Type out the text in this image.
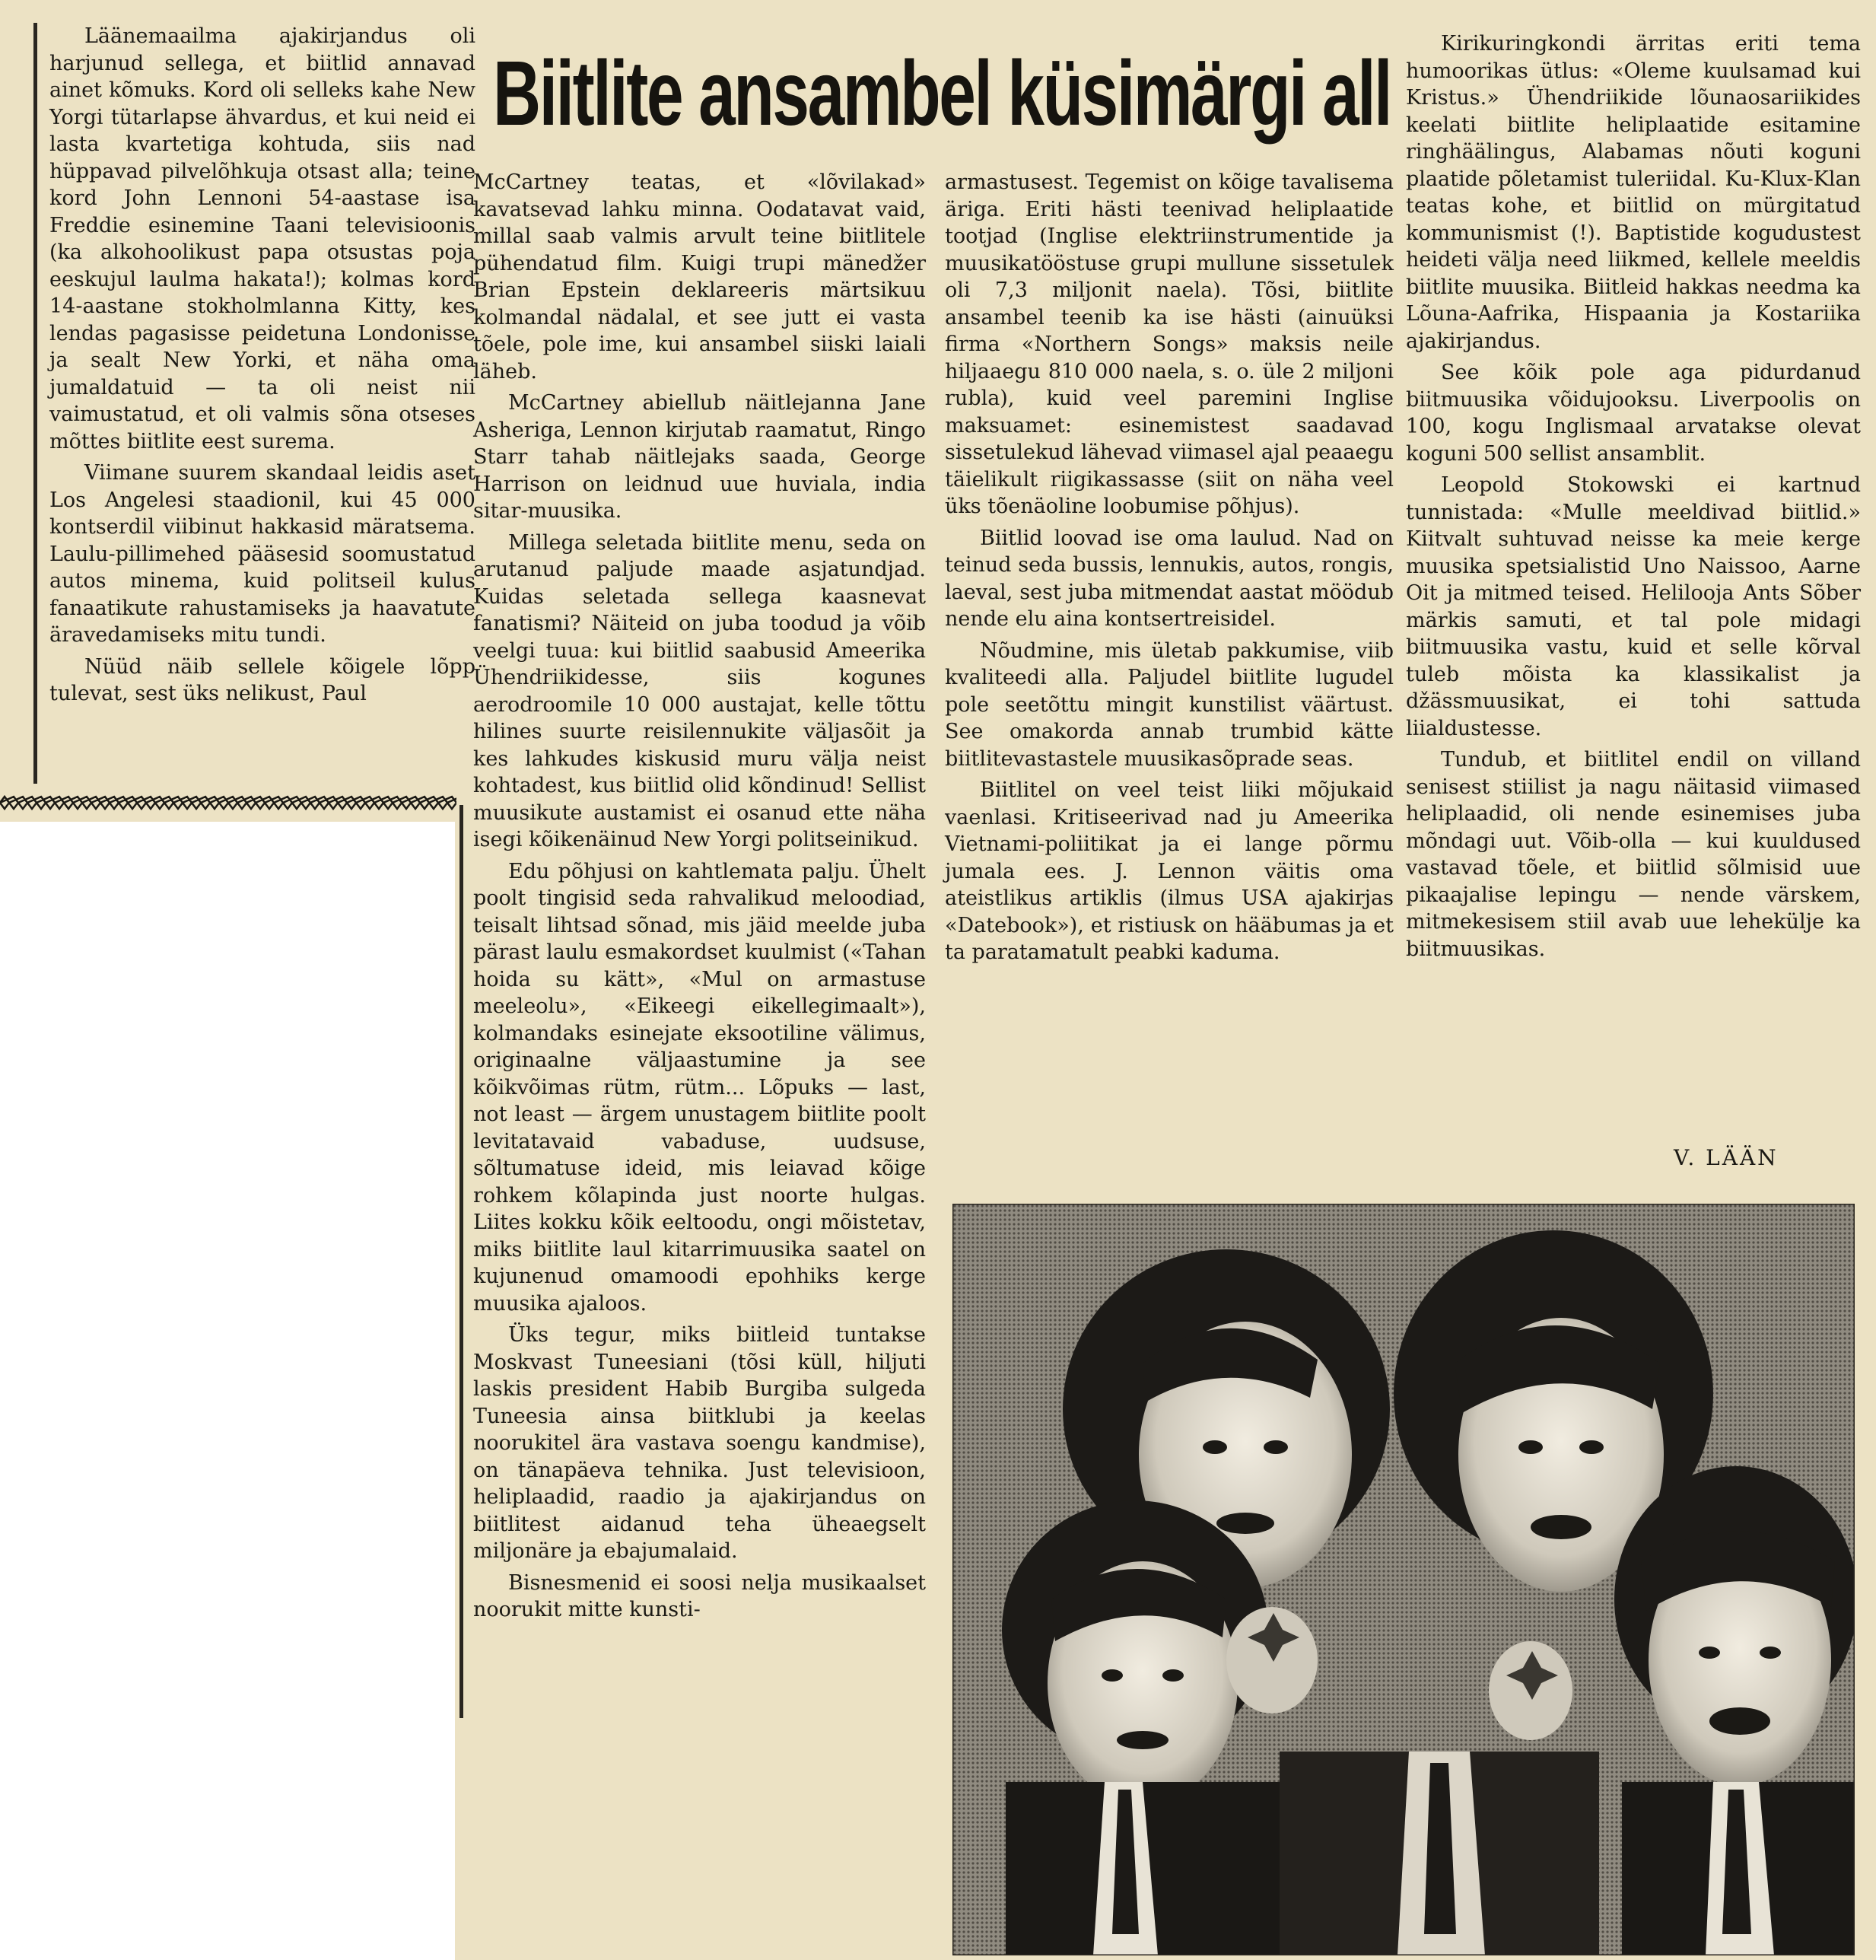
Biitlite ansambel küsimärgi all

Läänemaailma ajakirjandus oli harjunud sellega, et biitlid annavad ainet kõmuks. Kord oli selleks kahe New Yorgi tütarlapse ähvardus, et kui neid ei lasta kvartetiga kohtuda, siis nad hüppavad pilvelõhkuja otsast alla; teine kord John Lennoni 54-aastase isa Freddie esinemine Taani televisioonis (ka alkohoolikust papa otsustas poja eeskujul laulma hakata!); kolmas kord 14-aastane stokholmlanna Kitty, kes lendas pagasisse peidetuna Londonisse ja sealt New Yorki, et näha oma jumaldatuid — ta oli neist nii vaimustatud, et oli valmis sõna otseses mõttes biitlite eest surema.

Viimane suurem skandaal leidis aset Los Angelesi staadionil, kui 45 000 kontserdil viibinut hakkasid märatsema. Laulu-pillimehed pääsesid soomustatud autos minema, kuid politseil kulus fanaatikute rahustamiseks ja haavatute äravedamiseks mitu tundi.

Nüüd näib sellele kõigele lõpp tulevat, sest üks nelikust, Paul

McCartney teatas, et «lõvilakad» kavatsevad lahku minna. Oodatavat vaid, millal saab valmis arvult teine biitlitele pühendatud film. Kuigi trupi mänedžer Brian Epstein deklareeris märtsikuu kolmandal nädalal, et see jutt ei vasta tõele, pole ime, kui ansambel siiski laiali läheb.

McCartney abiellub näitlejanna Jane Asheriga, Lennon kirjutab raamatut, Ringo Starr tahab näitlejaks saada, George Harrison on leidnud uue huviala, india sitar-muusika.

Millega seletada biitlite menu, seda on arutanud paljude maade asjatundjad. Kuidas seletada sellega kaasnevat fanatismi? Näiteid on juba toodud ja võib veelgi tuua: kui biitlid saabusid Ameerika Ühendriikidesse, siis kogunes aerodroomile 10 000 austajat, kelle tõttu hilines suurte reisilennukite väljasõit ja kes lahkudes kiskusid muru välja neist kohtadest, kus biitlid olid kõndinud! Sellist muusikute austamist ei osanud ette näha isegi kõikenäinud New Yorgi politseinikud.

Edu põhjusi on kahtlemata palju. Ühelt poolt tingisid seda rahvalikud meloodiad, teisalt lihtsad sõnad, mis jäid meelde juba pärast laulu esmakordset kuulmist («Tahan hoida su kätt», «Mul on armastuse meeleolu», «Eikeegi eikellegimaalt»), kolmandaks esinejate eksootiline välimus, originaalne väljaastumine ja see kõikvõimas rütm, rütm... Lõpuks — last, not least — ärgem unustagem biitlite poolt levitatavaid vabaduse, uudsuse, sõltumatuse ideid, mis leiavad kõige rohkem kõlapinda just noorte hulgas. Liites kokku kõik eeltoodu, ongi mõistetav, miks biitlite laul kitarrimuusika saatel on kujunenud omamoodi epohhiks kerge muusika ajaloos.

Üks tegur, miks biitleid tuntakse Moskvast Tuneesiani (tõsi küll, hiljuti laskis president Habib Burgiba sulgeda Tuneesia ainsa biitklubi ja keelas noorukitel ära vastava soengu kandmise), on tänapäeva tehnika. Just televisioon, heliplaadid, raadio ja ajakirjandus on biitlitest aidanud teha üheaegselt miljonäre ja ebajumalaid.

Bisnesmenid ei soosi nelja musikaalset noorukit mitte kunsti-

armastusest. Tegemist on kõige tavalisema äriga. Eriti hästi teenivad heliplaatide tootjad (Inglise elektriinstrumentide ja muusikatööstuse grupi mullune sissetulek oli 7,3 miljonit naela). Tõsi, biitlite ansambel teenib ka ise hästi (ainuüksi firma «Northern Songs» maksis neile hiljaaegu 810 000 naela, s. o. üle 2 miljoni rubla), kuid veel paremini Inglise maksuamet: esinemistest saadavad sissetulekud lähevad viimasel ajal peaaegu täielikult riigikassasse (siit on näha veel üks tõenäoline loobumise põhjus).

Biitlid loovad ise oma laulud. Nad on teinud seda bussis, lennukis, autos, rongis, laeval, sest juba mitmendat aastat möödub nende elu aina kontsertreisidel.

Nõudmine, mis ületab pakkumise, viib kvaliteedi alla. Paljudel biitlite lugudel pole seetõttu mingit kunstilist väärtust. See omakorda annab trumbid kätte biitlitevastastele muusikasõprade seas.

Biitlitel on veel teist liiki mõjukaid vaenlasi. Kritiseerivad nad ju Ameerika Vietnami-poliitikat ja ei lange põrmu jumala ees. J. Lennon väitis oma ateistlikus artiklis (ilmus USA ajakirjas «Datebook»), et ristiusk on hääbumas ja et ta paratamatult peabki kaduma.

Kirikuringkondi ärritas eriti tema humoorikas ütlus: «Oleme kuulsamad kui Kristus.» Ühendriikide lõunaosariikides keelati biitlite heliplaatide esitamine ringhäälingus, Alabamas nõuti koguni plaatide põletamist tuleriidal. Ku-Klux-Klan teatas kohe, et biitlid on mürgitatud kommunismist (!). Baptistide kogudustest heideti välja need liikmed, kellele meeldis biitlite muusika. Biitleid hakkas needma ka Lõuna-Aafrika, Hispaania ja Kostariika ajakirjandus.

See kõik pole aga pidurdanud biitmuusika võidujooksu. Liverpoolis on 100, kogu Inglismaal arvatakse olevat koguni 500 sellist ansamblit.

Leopold Stokowski ei kartnud tunnistada: «Mulle meeldivad biitlid.» Kiitvalt suhtuvad neisse ka meie kerge muusika spetsialistid Uno Naissoo, Aarne Oit ja mitmed teised. Helilooja Ants Sõber märkis samuti, et tal pole midagi biitmuusika vastu, kuid et selle kõrval tuleb mõista ka klassikalist ja džässmuusikat, ei tohi sattuda liialdustesse.

Tundub, et biitlitel endil on villand senisest stiilist ja nagu näitasid viimased heliplaadid, oli nende esinemises juba mõndagi uut. Võib-olla — kui kuuldused vastavad tõele, et biitlid sõlmisid uue pikaajalise lepingu — nende värskem, mitmekesisem stiil avab uue lehekülje ka biitmuusikas.

V. LÄÄN
